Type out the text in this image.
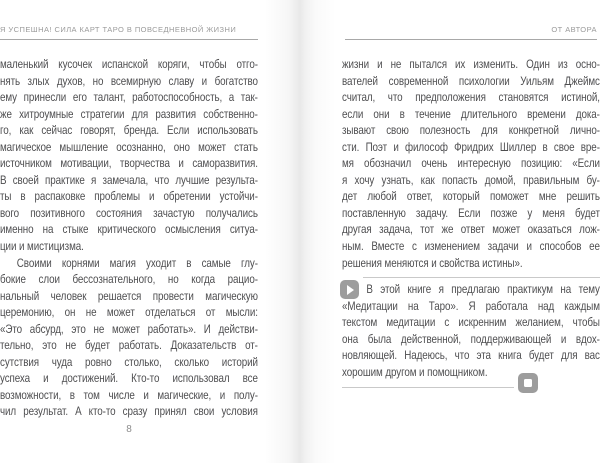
Я УСПЕШНА! СИЛА КАРТ ТАРО В ПОВСЕДНЕВНОЙ ЖИЗНИ
маленький кусочек испанской коряги, чтобы отго-
нять злых духов, но всемирную славу и богатство
ему принесли его талант, работоспособность, а так-
же хитроумные стратегии для развития собственно-
го, как сейчас говорят, бренда. Если использовать
магическое мышление осознанно, оно может стать
источником мотивации, творчества и саморазвития.
В своей практике я замечала, что лучшие результа-
ты в распаковке проблемы и обретении устойчи-
вого позитивного состояния зачастую получались
именно на стыке критического осмысления ситуа-
ции и мистицизма.
Своими корнями магия уходит в самые глу-
бокие слои бессознательного, но когда рацио-
нальный человек решается провести магическую
церемонию, он не может отделаться от мысли:
«Это абсурд, это не может работать». И действи-
тельно, это не будет работать. Доказательств от-
сутствия чуда ровно столько, сколько историй
успеха и достижений. Кто-то использовал все
возможности, в том числе и магические, и полу-
чил результат. А кто-то сразу принял свои условия
8
ОТ АВТОРА
жизни и не пытался их изменить. Один из осно-
вателей современной психологии Уильям Джеймс
считал, что предположения становятся истиной,
если они в течение длительного времени дока-
зывают свою полезность для конкретной лично-
сти. Поэт и философ Фридрих Шиллер в свое вре-
мя обозначил очень интересную позицию: «Если
я хочу узнать, как попасть домой, правильным бу-
дет любой ответ, который поможет мне решить
поставленную задачу. Если позже у меня будет
другая задача, тот же ответ может оказаться лож-
ным. Вместе с изменением задачи и способов ее
решения меняются и свойства истины».
В этой книге я предлагаю практикум на тему
«Медитации на Таро». Я работала над каждым
текстом медитации с искренним желанием, чтобы
она была действенной, поддерживающей и вдох-
новляющей. Надеюсь, что эта книга будет для вас
хорошим другом и помощником.
